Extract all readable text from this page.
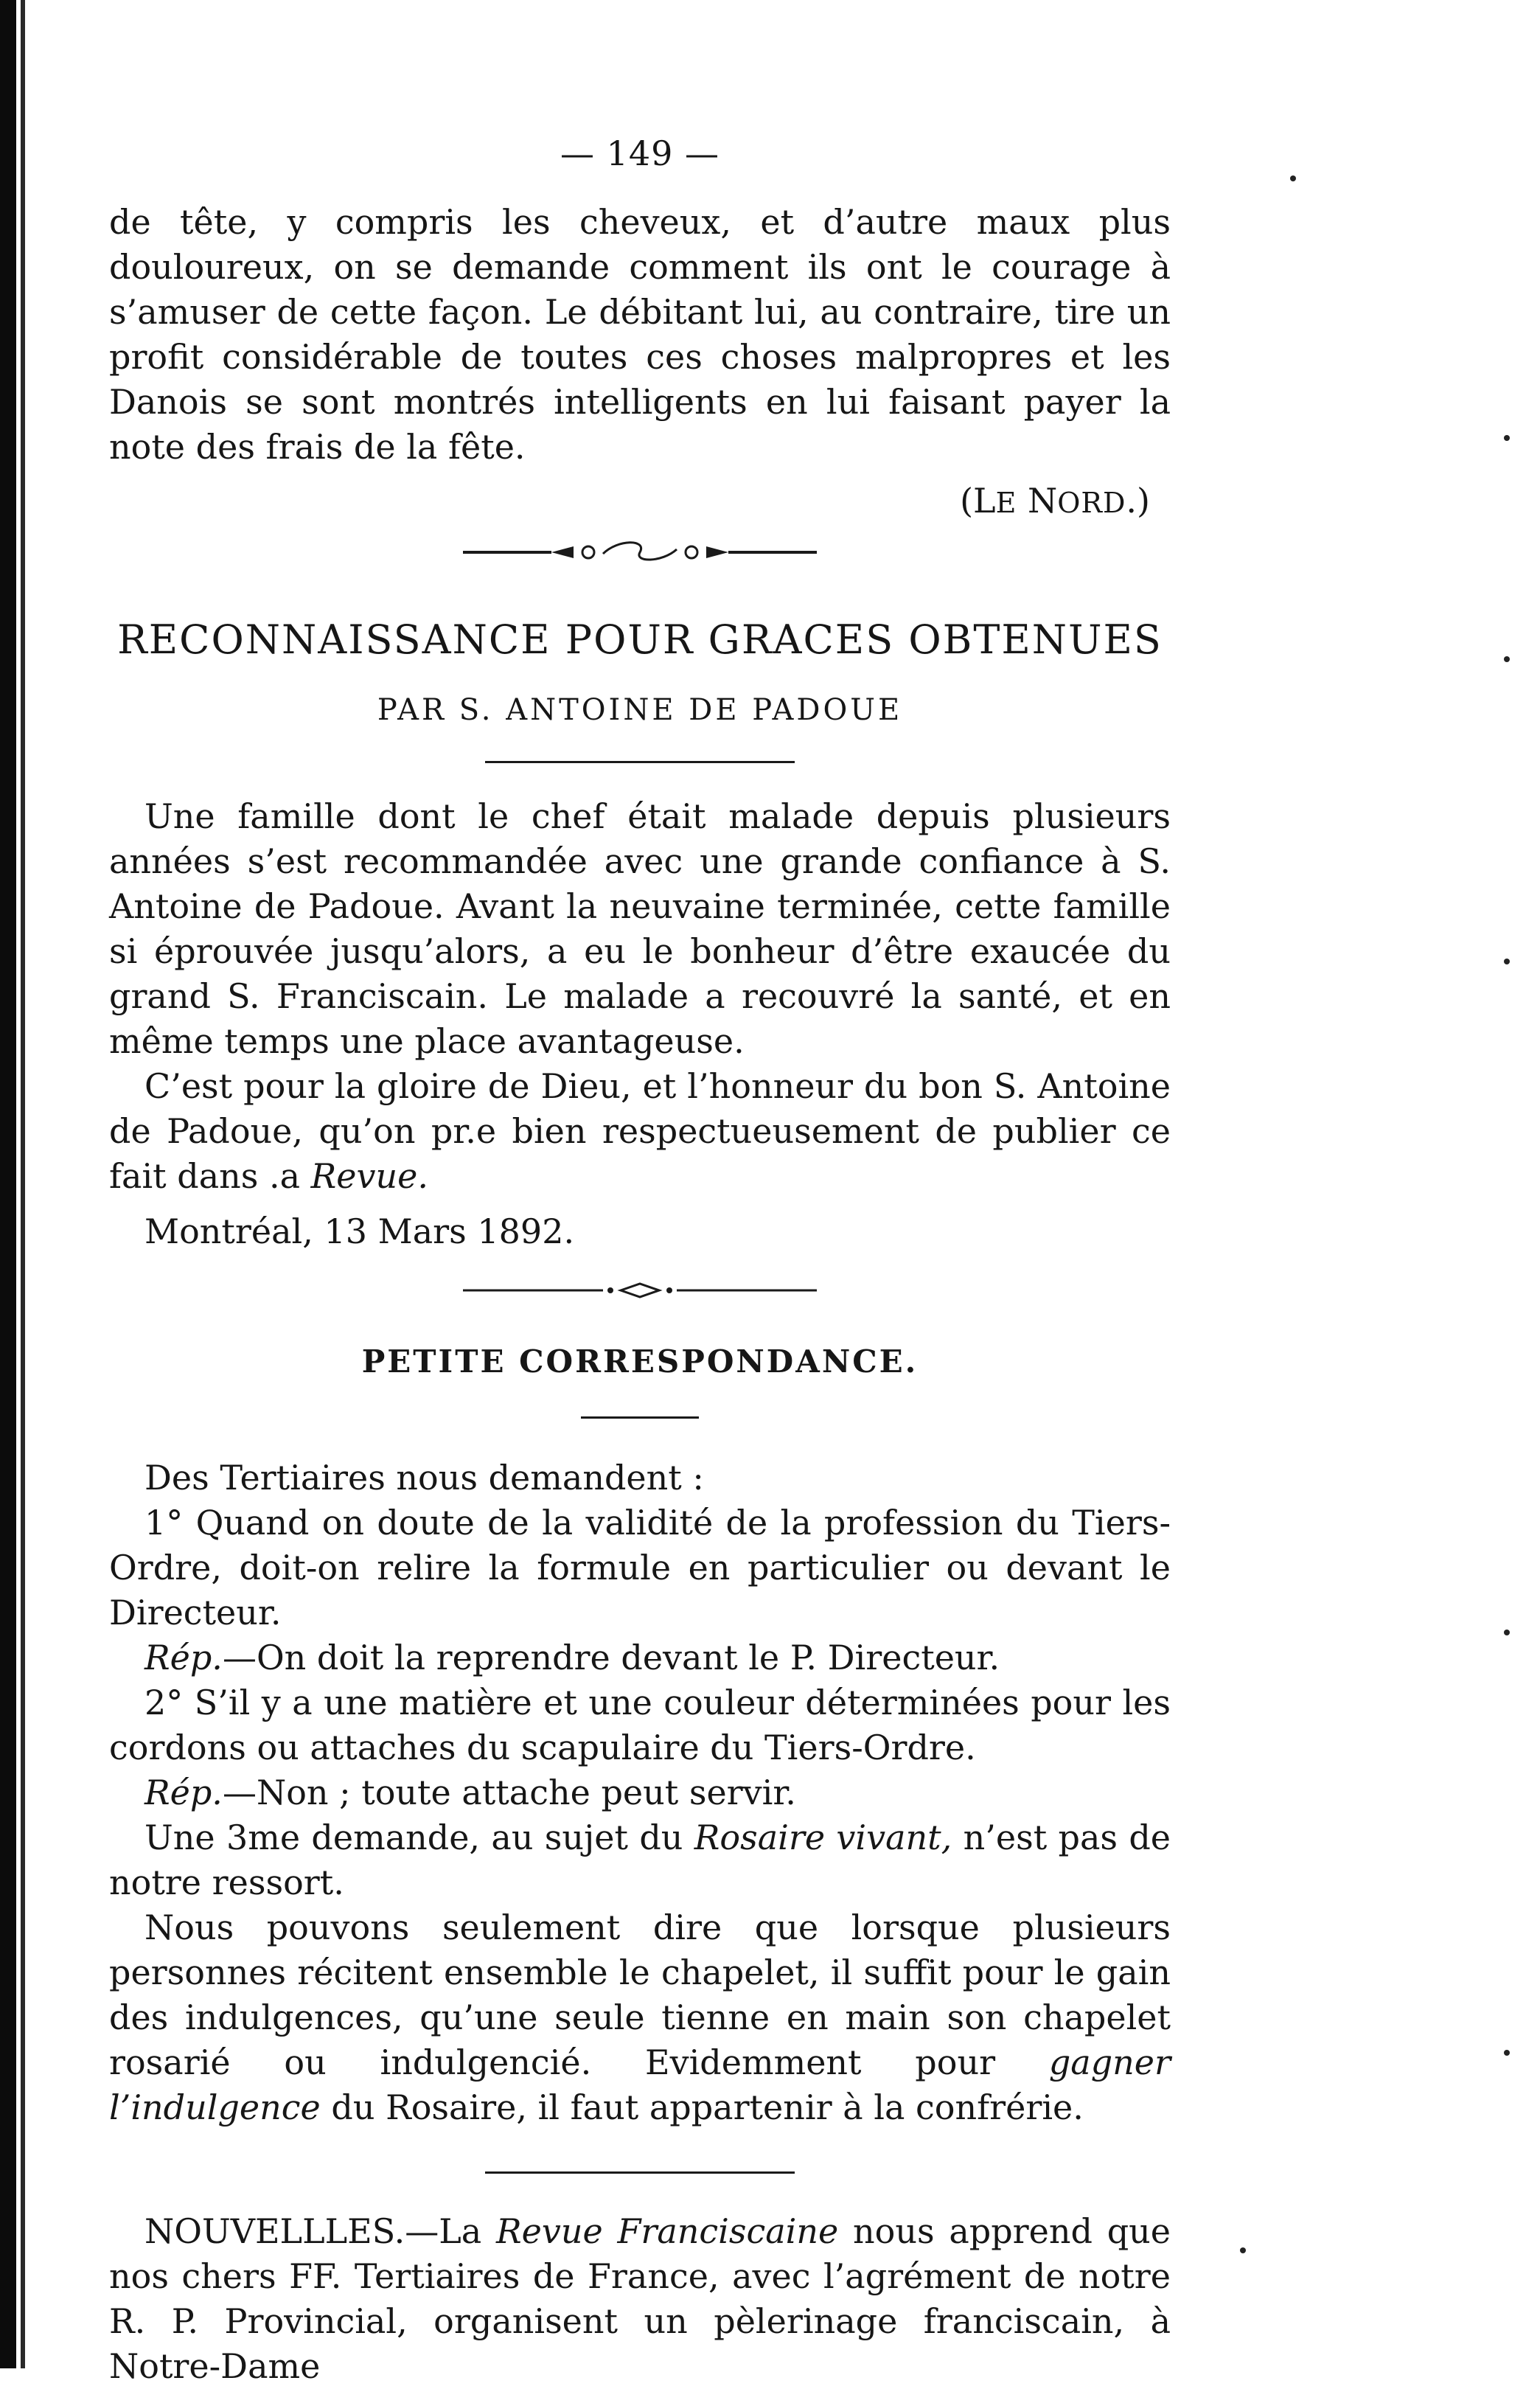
— 149 —

de tête, y compris les cheveux, et d’autre maux plus douloureux, on se demande comment ils ont le courage à s’amuser de cette façon. Le débitant lui, au contraire, tire un profit considérable de toutes ces choses malpropres et les Danois se sont montrés intelligents en lui faisant payer la note des frais de la fête.

(LE NORD.)

RECONNAISSANCE POUR GRACES OBTENUES
PAR S. ANTOINE DE PADOUE

Une famille dont le chef était malade depuis plusieurs années s’est recommandée avec une grande confiance à S. Antoine de Padoue. Avant la neuvaine terminée, cette famille si éprouvée jusqu’alors, a eu le bonheur d’être exaucée du grand S. Franciscain. Le malade a recouvré la santé, et en même temps une place avantageuse.

C’est pour la gloire de Dieu, et l’honneur du bon S. Antoine de Padoue, qu’on pr.e bien respectueusement de publier ce fait dans .a Revue.

Montréal, 13 Mars 1892.

PETITE CORRESPONDANCE.

Des Tertiaires nous demandent :

1° Quand on doute de la validité de la profession du Tiers-Ordre, doit-on relire la formule en particulier ou devant le Directeur.

Rép.—On doit la reprendre devant le P. Directeur.

2° S’il y a une matière et une couleur déterminées pour les cordons ou attaches du scapulaire du Tiers-Ordre.

Rép.—Non ; toute attache peut servir.

Une 3me demande, au sujet du Rosaire vivant, n’est pas de notre ressort.

Nous pouvons seulement dire que lorsque plusieurs personnes récitent ensemble le chapelet, il suffit pour le gain des indulgences, qu’une seule tienne en main son chapelet rosarié ou indulgencié. Evidemment pour gagner l’indulgence du Rosaire, il faut appartenir à la confrérie.

NOUVELLLES.—La Revue Franciscaine nous apprend que nos chers FF. Tertiaires de France, avec l’agrément de notre R. P. Provincial, organisent un pèlerinage franciscain, à Notre-Dame
